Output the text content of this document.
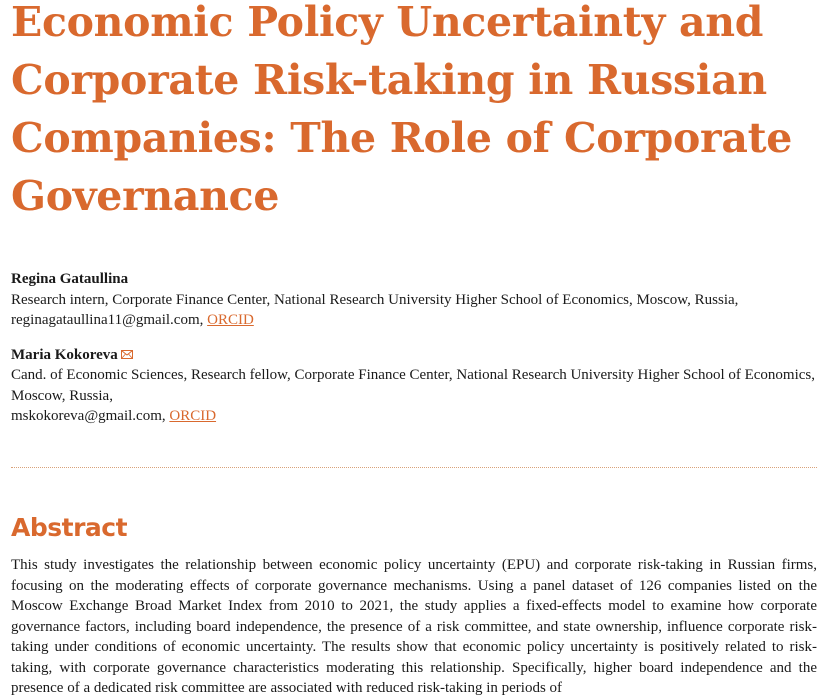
Economic Policy Uncertainty and Corporate Risk-taking in Russian Companies: The Role of Corporate Governance
Regina Gataullina
Research intern, Corporate Finance Center, National Research University Higher School of Economics, Moscow, Russia,
reginagataullina11@gmail.com, ORCID
Maria Kokoreva
Cand. of Economic Sciences, Research fellow, Corporate Finance Center, National Research University Higher School of Economics, Moscow, Russia,
mskokoreva@gmail.com, ORCID
Abstract

This study investigates the relationship between economic policy uncertainty (EPU) and corporate risk-taking in Russian firms, focusing on the moderating effects of corporate governance mechanisms. Using a panel dataset of 126 companies listed on the Moscow Exchange Broad Market Index from 2010 to 2021, the study applies a fixed-effects model to examine how corporate governance factors, including board independence, the presence of a risk committee, and state ownership, influence corporate risk-taking under conditions of economic uncertainty. The results show that economic policy uncertainty is positively related to risk-taking, with corporate governance characteristics moderating this relationship. Specifically, higher board independence and the presence of a dedicated risk committee are associated with reduced risk-taking in periods of
